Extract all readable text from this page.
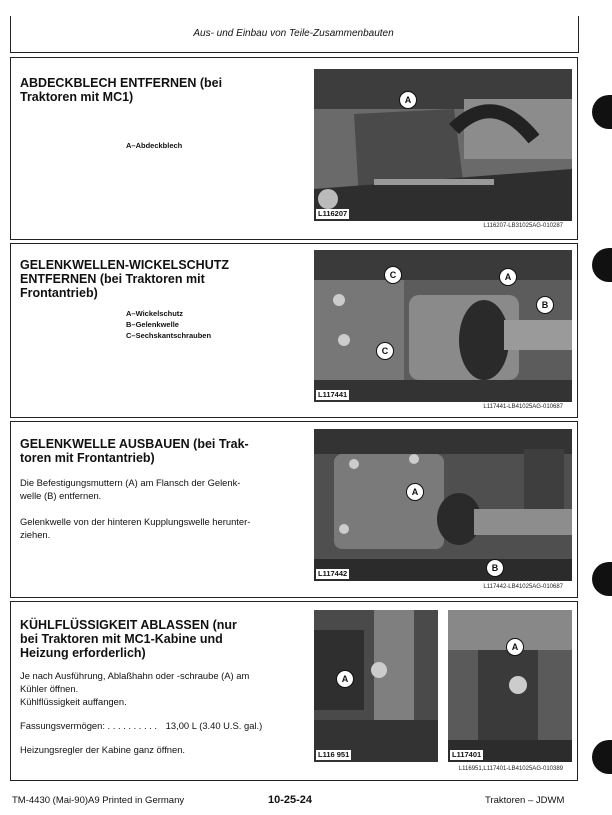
Aus- und Einbau von Teile-Zusammenbauten
ABDECKBLECH ENTFERNEN (bei
Traktoren mit MC1)
A–Abdeckblech
A
L116207
L116207-LB31025AG-010287
GELENKWELLEN-WICKELSCHUTZ
ENTFERNEN (bei Traktoren mit
Frontantrieb)
A–Wickelschutz
B–Gelenkwelle
C–Sechskantschrauben
C	A
B
C
L117441
L117441-LB41025AG-010687
GELENKWELLE AUSBAUEN (bei Trak-
toren mit Frontantrieb)
Die Befestigungsmuttern (A) am Flansch der Gelenk-
welle (B) entfernen.
Gelenkwelle von der hinteren Kupplungswelle herunter-
ziehen.
A
B
L117442
L117442-LB41025AG-010687
KÜHLFLÜSSIGKEIT ABLASSEN (nur
bei Traktoren mit MC1-Kabine und
Heizung erforderlich)
Je nach Ausführung, Ablaßhahn oder -schraube (A) am
Kühler öffnen.
Kühlflüssigkeit auffangen.
Fassungsvermögen: . . . . . . . . . . 13,00 L (3.40 U.S. gal.)
Heizungsregler der Kabine ganz öffnen.
A
L116 951
A
L117401
L116951,L117401-LB41025AG-010389
TM-4430 (Mai-90)A9 Printed in Germany	10-25-24	Traktoren – JDWM
